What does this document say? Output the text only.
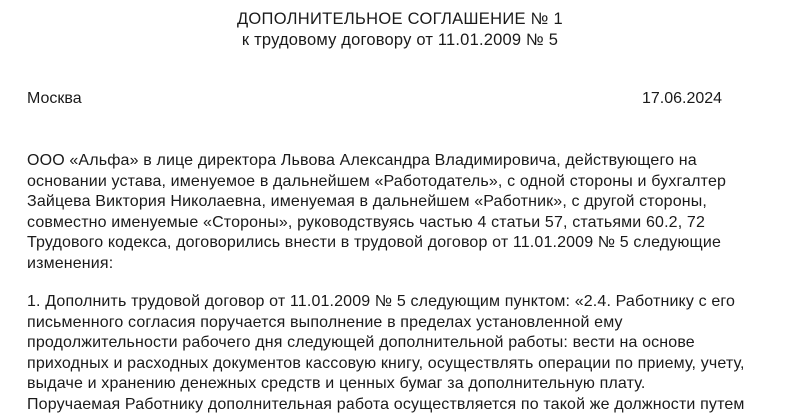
ДОПОЛНИТЕЛЬНОЕ СОГЛАШЕНИЕ № 1
к трудовому договору от 11.01.2009 № 5
Москва	17.06.2024
ООО «Альфа» в лице директора Львова Александра Владимировича, действующего на
основании устава, именуемое в дальнейшем «Работодатель», с одной стороны и бухгалтер
Зайцева Виктория Николаевна, именуемая в дальнейшем «Работник», с другой стороны,
совместно именуемые «Стороны», руководствуясь частью 4 статьи 57, статьями 60.2, 72
Трудового кодекса, договорились внести в трудовой договор от 11.01.2009 № 5 следующие
изменения:
1. Дополнить трудовой договор от 11.01.2009 № 5 следующим пунктом: «2.4. Работнику с его
письменного согласия поручается выполнение в пределах установленной ему
продолжительности рабочего дня следующей дополнительной работы: вести на основе
приходных и расходных документов кассовую книгу, осуществлять операции по приему, учету,
выдаче и хранению денежных средств и ценных бумаг за дополнительную плату.
Поручаемая Работнику дополнительная работа осуществляется по такой же должности путем
